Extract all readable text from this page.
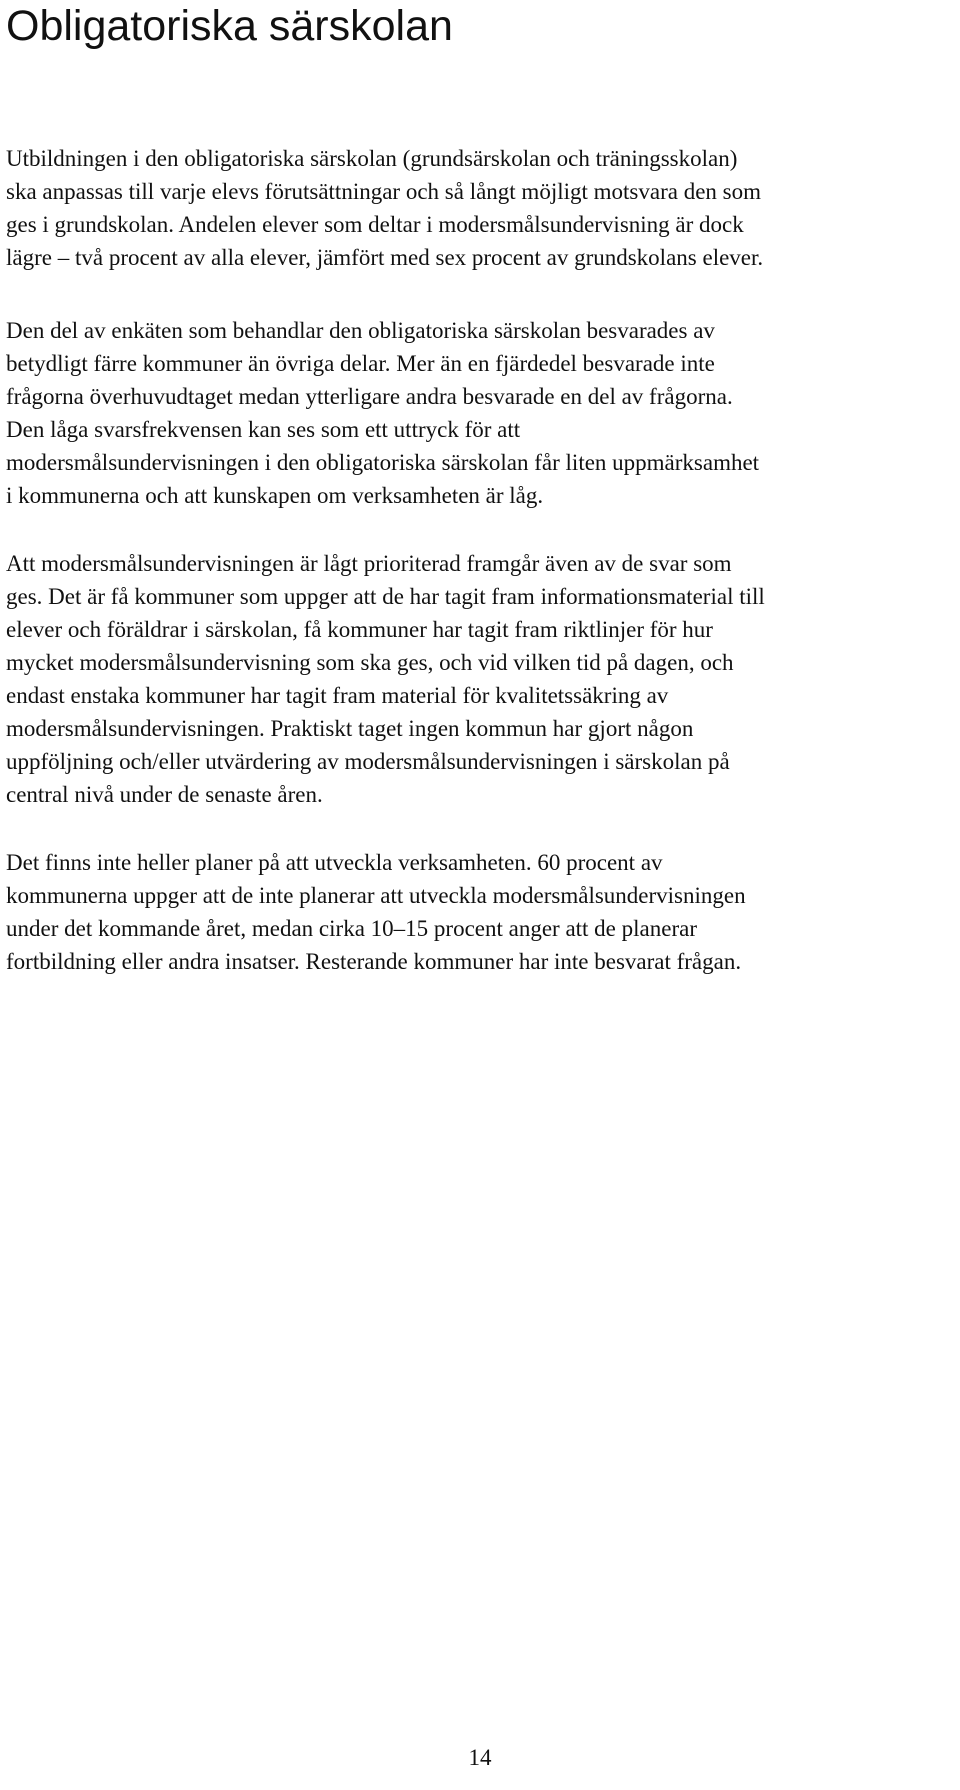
Obligatoriska särskolan
Utbildningen i den obligatoriska särskolan (grundsärskolan och träningsskolan)
ska anpassas till varje elevs förutsättningar och så långt möjligt motsvara den som
ges i grundskolan. Andelen elever som deltar i modersmålsundervisning är dock
lägre – två procent av alla elever, jämfört med sex procent av grundskolans elever.
Den del av enkäten som behandlar den obligatoriska särskolan besvarades av
betydligt färre kommuner än övriga delar. Mer än en fjärdedel besvarade inte
frågorna överhuvudtaget medan ytterligare andra besvarade en del av frågorna.
Den låga svarsfrekvensen kan ses som ett uttryck för att
modersmålsundervisningen i den obligatoriska särskolan får liten uppmärksamhet
i kommunerna och att kunskapen om verksamheten är låg.
Att modersmålsundervisningen är lågt prioriterad framgår även av de svar som
ges. Det är få kommuner som uppger att de har tagit fram informationsmaterial till
elever och föräldrar i särskolan, få kommuner har tagit fram riktlinjer för hur
mycket modersmålsundervisning som ska ges, och vid vilken tid på dagen, och
endast enstaka kommuner har tagit fram material för kvalitetssäkring av
modersmålsundervisningen. Praktiskt taget ingen kommun har gjort någon
uppföljning och/eller utvärdering av modersmålsundervisningen i särskolan på
central nivå under de senaste åren.
Det finns inte heller planer på att utveckla verksamheten. 60 procent av
kommunerna uppger att de inte planerar att utveckla modersmålsundervisningen
under det kommande året, medan cirka 10–15 procent anger att de planerar
fortbildning eller andra insatser. Resterande kommuner har inte besvarat frågan.

14
